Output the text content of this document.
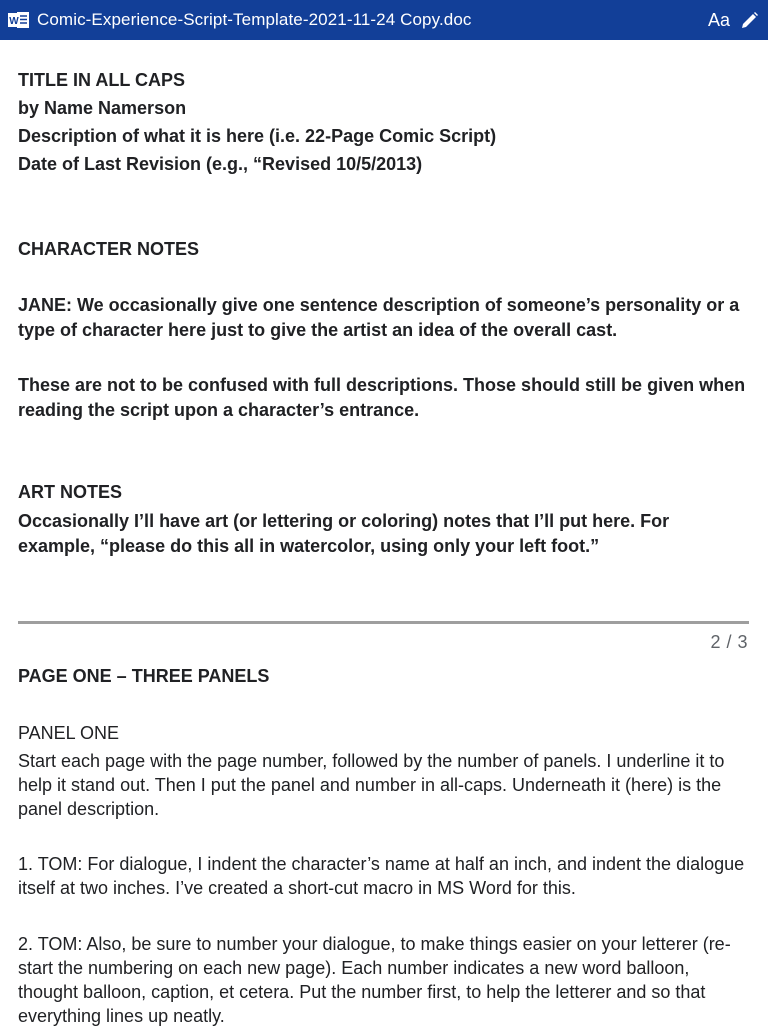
W Comic-Experience-Script-Template-2021-11-24 Copy.doc	Aa

TITLE IN ALL CAPS

by Name Namerson

Description of what it is here (i.e. 22-Page Comic Script)

Date of Last Revision (e.g., “Revised 10/5/2013)

CHARACTER NOTES

JANE: We occasionally give one sentence description of someone’s personality or a type of character here just to give the artist an idea of the overall cast.

These are not to be confused with full descriptions. Those should still be given when reading the script upon a character’s entrance.

ART NOTES

Occasionally I’ll have art (or lettering or coloring) notes that I’ll put here. For example, “please do this all in watercolor, using only your left foot.”

2 / 3

PAGE ONE – THREE PANELS

PANEL ONE

Start each page with the page number, followed by the number of panels. I underline it to help it stand out. Then I put the panel and number in all-caps. Underneath it (here) is the panel description.

1. TOM: For dialogue, I indent the character’s name at half an inch, and indent the dialogue itself at two inches. I’ve created a short-cut macro in MS Word for this.

2. TOM: Also, be sure to number your dialogue, to make things easier on your letterer (re-start the numbering on each new page). Each number indicates a new word balloon, thought balloon, caption, et cetera. Put the number first, to help the letterer and so that everything lines up neatly.
